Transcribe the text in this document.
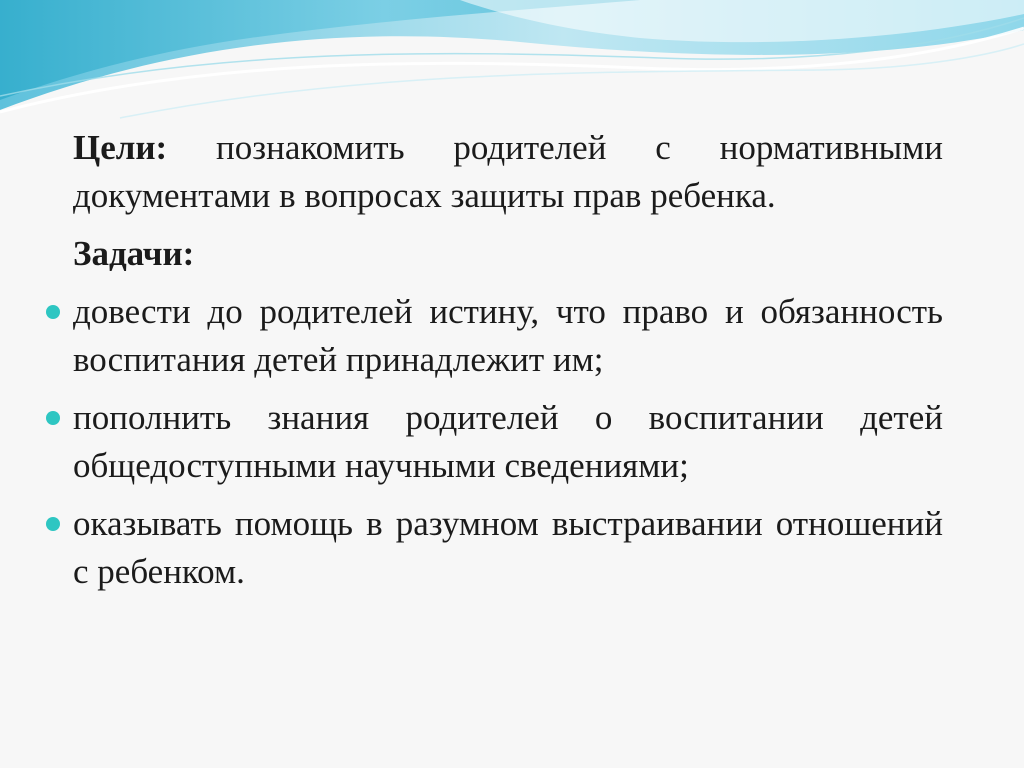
Цели: познакомить родителей с нормативными документами в вопросах защиты прав ребенка.

Задачи:

довести до родителей истину, что право и обязанность воспитания детей принадлежит им;
пополнить знания родителей о воспитании детей общедоступными научными сведениями;
оказывать помощь в разумном выстраивании отношений с ребенком.
